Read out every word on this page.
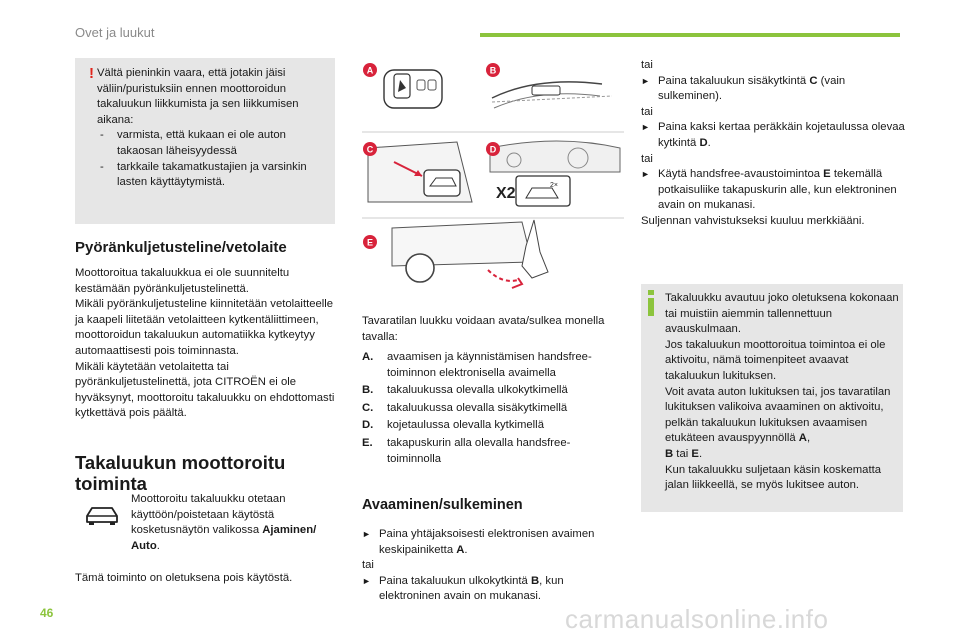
Ovet ja luukut
! Vältä pieninkin vaara, että jotakin jäisi väliin/puristuksiin ennen moottoroidun takaluukun liikkumista ja sen liikkumisen aikana:

- varmista, että kukaan ei ole auton takaosan läheisyydessä

- tarkkaile takamatkustajien ja varsinkin lasten käyttäytymistä.

Pyöränkuljetusteline/vetolaite
Moottoroitua takaluukkua ei ole suunniteltu kestämään pyöränkuljetustelinettä.
Mikäli pyöränkuljetusteline kiinnitetään vetolaitteelle ja kaapeli liitetään vetolaitteen kytkentäliittimeen, moottoroidun takaluukun automatiikka kytkeytyy automaattisesti pois toiminnasta.
Mikäli käytetään vetolaitetta tai pyöränkuljetustelinettä, jota CITROËN ei ole hyväksynyt, moottoroitu takaluukku on ehdottomasti kytkettävä pois päältä.
Takaluukun moottoroitu toiminta
Moottoroitu takaluukku otetaan käyttöön/poistetaan käytöstä kosketusnäytön valikossa Ajaminen/ Auto.
Tämä toiminto on oletuksena pois käytöstä.
2×
X2
A	B
C	D
E
Tavaratilan luukku voidaan avata/sulkea monella tavalla:
A. avaamisen ja käynnistämisen handsfree-toiminnon elektronisella avaimella
B. takaluukussa olevalla ulkokytkimellä
C. takaluukussa olevalla sisäkytkimellä
D. kojetaulussa olevalla kytkimellä
E. takapuskurin alla olevalla handsfree-toiminnolla
Avaaminen/sulkeminen
► Paina yhtäjaksoisesti elektronisen avaimen keskipainiketta A.
tai
► Paina takaluukun ulkokytkintä B, kun elektroninen avain on mukanasi.
tai
► Paina takaluukun sisäkytkintä C (vain sulkeminen).
tai
► Paina kaksi kertaa peräkkäin kojetaulussa olevaa kytkintä D.
tai
► Käytä handsfree-avaustoimintoa E tekemällä potkaisuliike takapuskurin alle, kun elektroninen avain on mukanasi.
Suljennan vahvistukseksi kuuluu merkkiääni.

Takaluukku avautuu joko oletuksena kokonaan tai muistiin aiemmin tallennettuun avauskulmaan.

Jos takaluukun moottoroitua toimintoa ei ole aktivoitu, nämä toimenpiteet avaavat takaluukun lukituksen.

Voit avata auton lukituksen tai, jos tavaratilan lukituksen valikoiva avaaminen on aktivoitu, pelkän takaluukun lukituksen avaamisen etukäteen avauspyynnöllä A,
B tai E.

Kun takaluukku suljetaan käsin koskematta jalan liikkeellä, se myös lukitsee auton.

46	carmanualsonline.info
